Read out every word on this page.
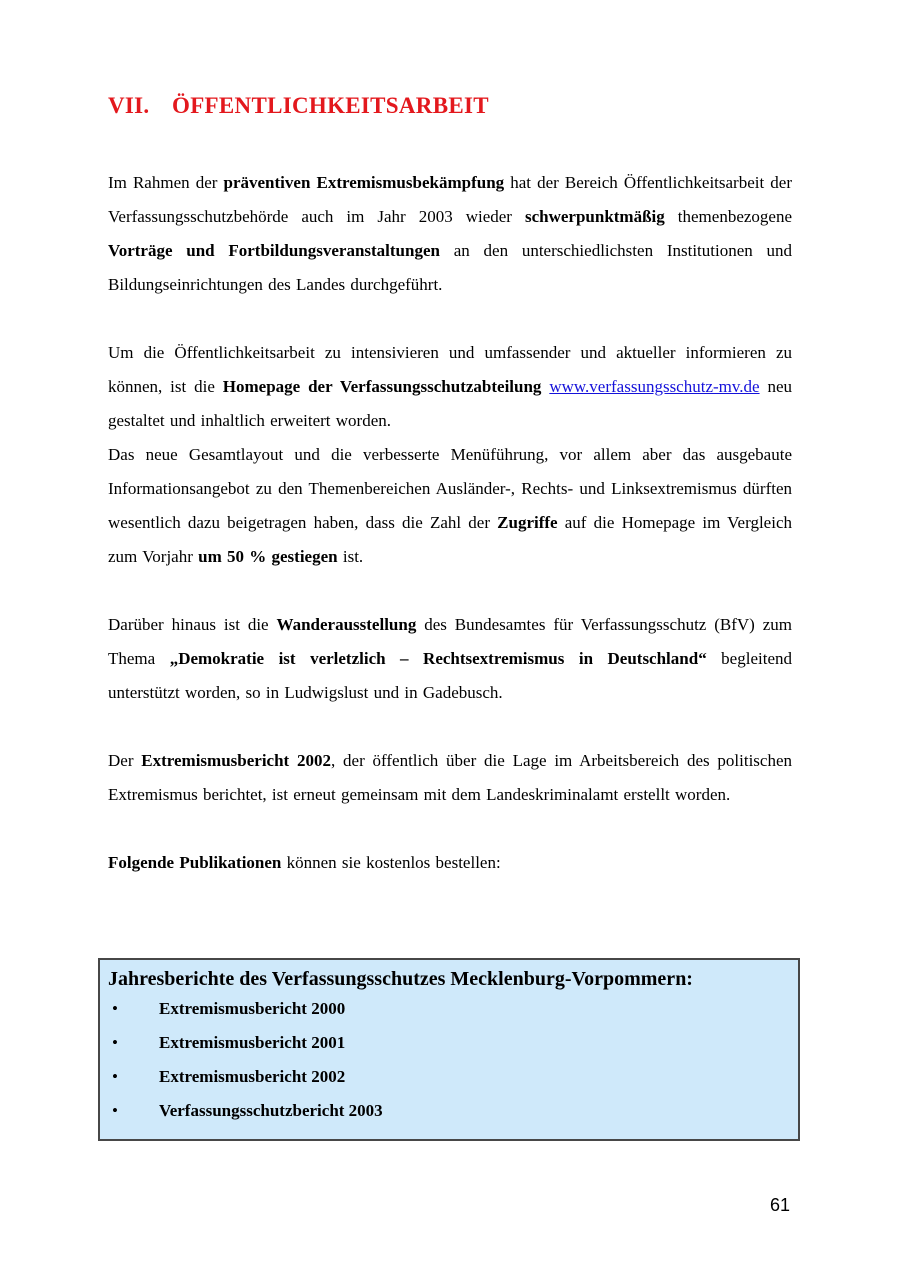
VII. ÖFFENTLICHKEITSARBEIT

Im Rahmen der präventiven Extremismusbekämpfung hat der Bereich Öffentlichkeitsarbeit der Verfassungsschutzbehörde auch im Jahr 2003 wieder schwerpunktmäßig themenbezogene Vorträge und Fortbildungsveranstaltungen an den unterschiedlichsten Institutionen und Bildungseinrichtungen des Landes durchgeführt.

Um die Öffentlichkeitsarbeit zu intensivieren und umfassender und aktueller informieren zu können, ist die Homepage der Verfassungsschutzabteilung www.verfassungsschutz-mv.de neu gestaltet und inhaltlich erweitert worden.

Das neue Gesamtlayout und die verbesserte Menüführung, vor allem aber das ausgebaute Informationsangebot zu den Themenbereichen Ausländer-, Rechts- und Linksextremismus dürften wesentlich dazu beigetragen haben, dass die Zahl der Zugriffe auf die Homepage im Vergleich zum Vorjahr um 50 % gestiegen ist.

Darüber hinaus ist die Wanderausstellung des Bundesamtes für Verfassungsschutz (BfV) zum Thema „Demokratie ist verletzlich – Rechtsextremismus in Deutschland“ begleitend unterstützt worden, so in Ludwigslust und in Gadebusch.

Der Extremismusbericht 2002, der öffentlich über die Lage im Arbeitsbereich des politischen Extremismus berichtet, ist erneut gemeinsam mit dem Landeskriminalamt erstellt worden.

Folgende Publikationen können sie kostenlos bestellen:

Jahresberichte des Verfassungsschutzes Mecklenburg-Vorpommern:
•	Extremismusbericht 2000
•	Extremismusbericht 2001
•	Extremismusbericht 2002
•	Verfassungsschutzbericht 2003
61
